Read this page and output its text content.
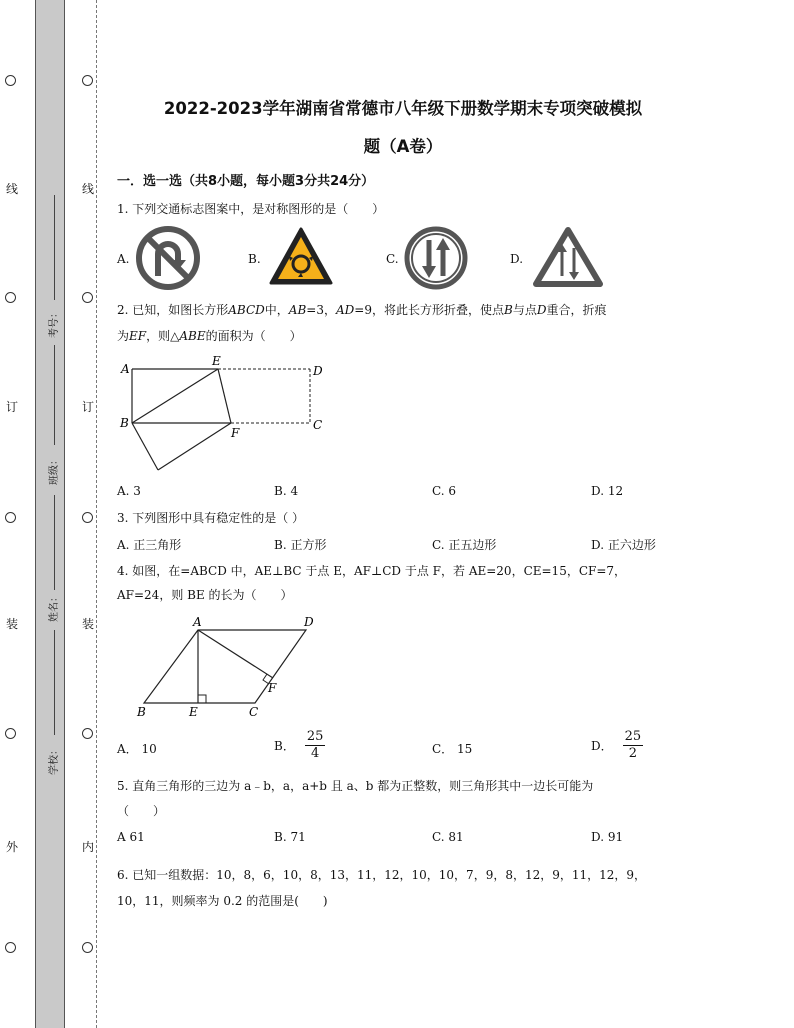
线
订
装
外
线
订
装
内
考号：
班级：
姓名：
学校：
2022-2023学年湖南省常德市八年级下册数学期末专项突破模拟
题（A卷）
一．选一选（共8小题，每小题3分共24分）
1. 下列交通标志图案中，是对称图形的是（　　）
A.	B.	C.	D.
2. 已知，如图长方形ABCD中，AB=3，AD=9，将此长方形折叠，使点B与点D重合，折痕
为EF，则△ABE的面积为（　　）
A
E
D
B
F
C
A. 3	B. 4	C. 6	D. 12
3. 下列图形中具有稳定性的是（ ）
A. 正三角形	B. 正方形	C. 正五边形	D. 正六边形
4. 如图，在=ABCD 中，AE⊥BC 于点 E，AF⊥CD 于点 F，若 AE=20，CE=15，CF=7，
AF=24，则 BE 的长为（　　）
A	D
F
B	E	C
A． 10	B． $\frac{25}{4}$	C． 15	D． $\frac{25}{2}$
5. 直角三角形的三边为 a﹣b，a，a+b 且 a、b 都为正整数，则三角形其中一边长可能为
（　　）
A 61	B. 71	C. 81	D. 91
6. 已知一组数据：10，8，6，10，8，13，11，12，10，10，7，9，8，12，9，11，12，9，
10，11，则频率为 0.2 的范围是(　　)
